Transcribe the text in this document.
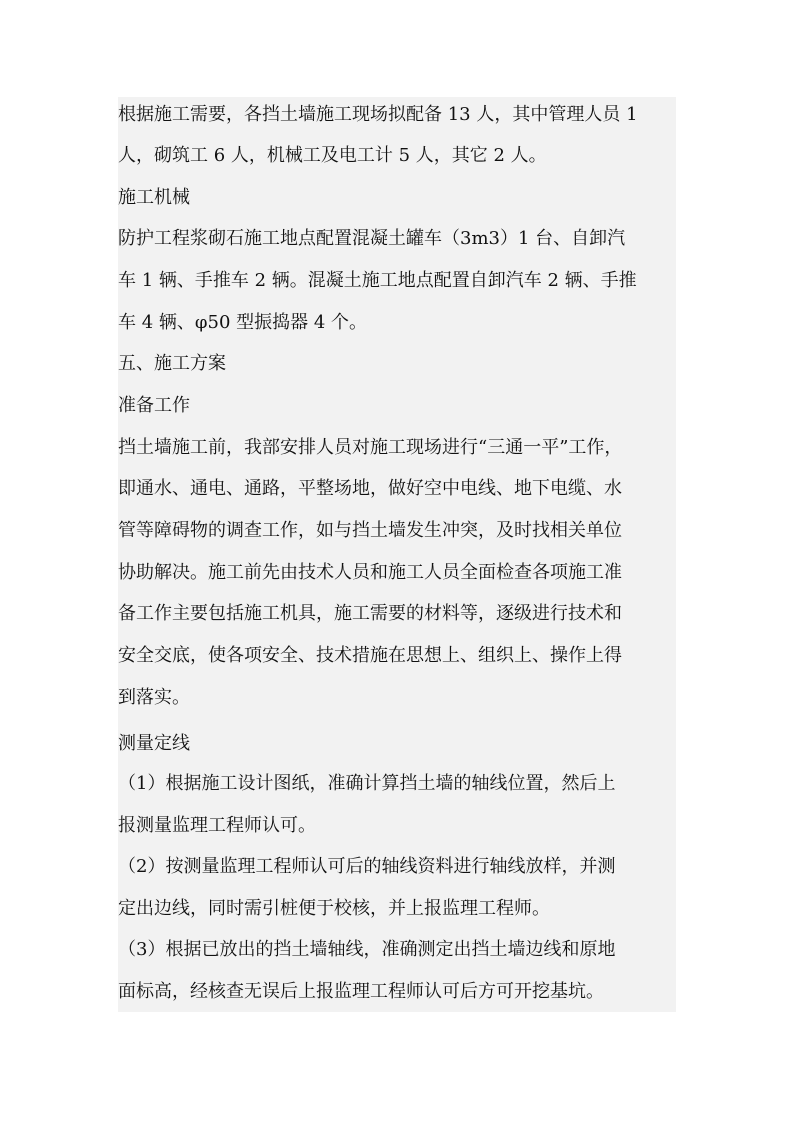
根据施工需要，各挡土墙施工现场拟配备 13 人，其中管理人员 1
人，砌筑工 6 人，机械工及电工计 5 人，其它 2 人。
施工机械
防护工程浆砌石施工地点配置混凝土罐车（3m3）1 台、自卸汽
车 1 辆、手推车 2 辆。混凝土施工地点配置自卸汽车 2 辆、手推
车 4 辆、φ50 型振捣器 4 个。
五、施工方案
准备工作
挡土墙施工前，我部安排人员对施工现场进行“三通一平”工作，
即通水、通电、通路，平整场地，做好空中电线、地下电缆、水
管等障碍物的调查工作，如与挡土墙发生冲突，及时找相关单位
协助解决。施工前先由技术人员和施工人员全面检查各项施工准
备工作主要包括施工机具，施工需要的材料等，逐级进行技术和
安全交底，使各项安全、技术措施在思想上、组织上、操作上得
到落实。
测量定线
（1）根据施工设计图纸，准确计算挡土墙的轴线位置，然后上
报测量监理工程师认可。
（2）按测量监理工程师认可后的轴线资料进行轴线放样，并测
定出边线，同时需引桩便于校核，并上报监理工程师。
（3）根据已放出的挡土墙轴线，准确测定出挡土墙边线和原地
面标高，经核查无误后上报监理工程师认可后方可开挖基坑。
